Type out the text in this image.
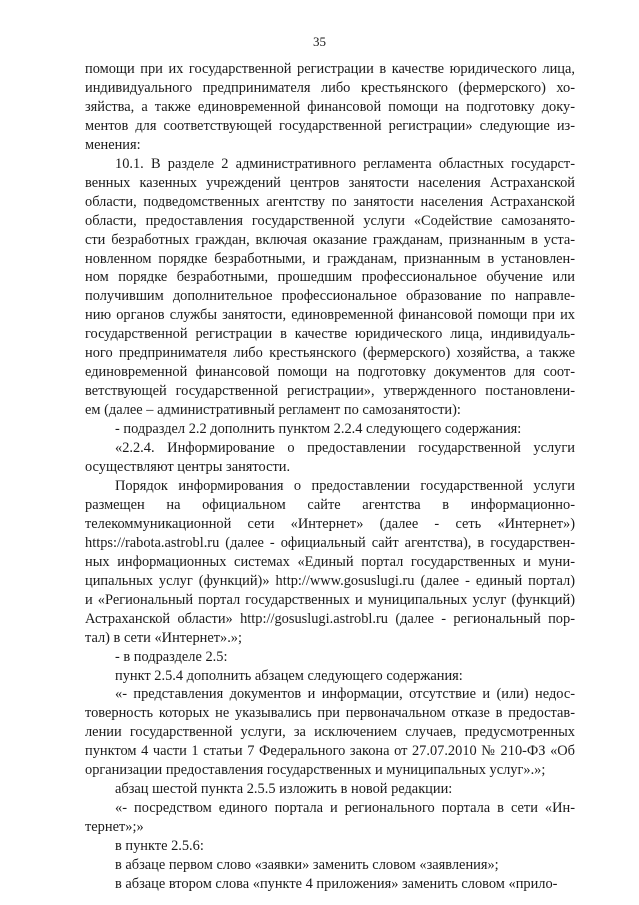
35

помощи при их государственной регистрации в качестве юридического лица,

индивидуального предпринимателя либо крестьянского (фермерского) хо-

зяйства, а также единовременной финансовой помощи на подготовку доку-

ментов для соответствующей государственной регистрации» следующие из-

менения:

10.1. В разделе 2 административного регламента областных государст-

венных казенных учреждений центров занятости населения Астраханской

области, подведомственных агентству по занятости населения Астраханской

области, предоставления государственной услуги «Содействие самозанято-

сти безработных граждан, включая оказание гражданам, признанным в уста-

новленном порядке безработными, и гражданам, признанным в установлен-

ном порядке безработными, прошедшим профессиональное обучение или

получившим дополнительное профессиональное образование по направле-

нию органов службы занятости, единовременной финансовой помощи при их

государственной регистрации в качестве юридического лица, индивидуаль-

ного предпринимателя либо крестьянского (фермерского) хозяйства, а также

единовременной финансовой помощи на подготовку документов для соот-

ветствующей государственной регистрации», утвержденного постановлени-

ем (далее – административный регламент по самозанятости):

- подраздел 2.2 дополнить пунктом 2.2.4 следующего содержания:

«2.2.4. Информирование о предоставлении государственной услуги

осуществляют центры занятости.

Порядок информирования о предоставлении государственной услуги

размещен на официальном сайте агентства в информационно-

телекоммуникационной сети «Интернет» (далее - сеть «Интернет»)

https://rabota.astrobl.ru (далее - официальный сайт агентства), в государствен-

ных информационных системах «Единый портал государственных и муни-

ципальных услуг (функций)» http://www.gosuslugi.ru (далее - единый портал)

и «Региональный портал государственных и муниципальных услуг (функций)

Астраханской области» http://gosuslugi.astrobl.ru (далее - региональный пор-

тал) в сети «Интернет».»;

- в подразделе 2.5:

пункт 2.5.4 дополнить абзацем следующего содержания:

«- представления документов и информации, отсутствие и (или) недос-

товерность которых не указывались при первоначальном отказе в предостав-

лении государственной услуги, за исключением случаев, предусмотренных

пунктом 4 части 1 статьи 7 Федерального закона от 27.07.2010 № 210-ФЗ «Об

организации предоставления государственных и муниципальных услуг».»;

абзац шестой пункта 2.5.5 изложить в новой редакции:

«- посредством единого портала и регионального портала в сети «Ин-

тернет»;»

в пункте 2.5.6:

в абзаце первом слово «заявки» заменить словом «заявления»;

в абзаце втором слова «пункте 4 приложения» заменить словом «прило-
